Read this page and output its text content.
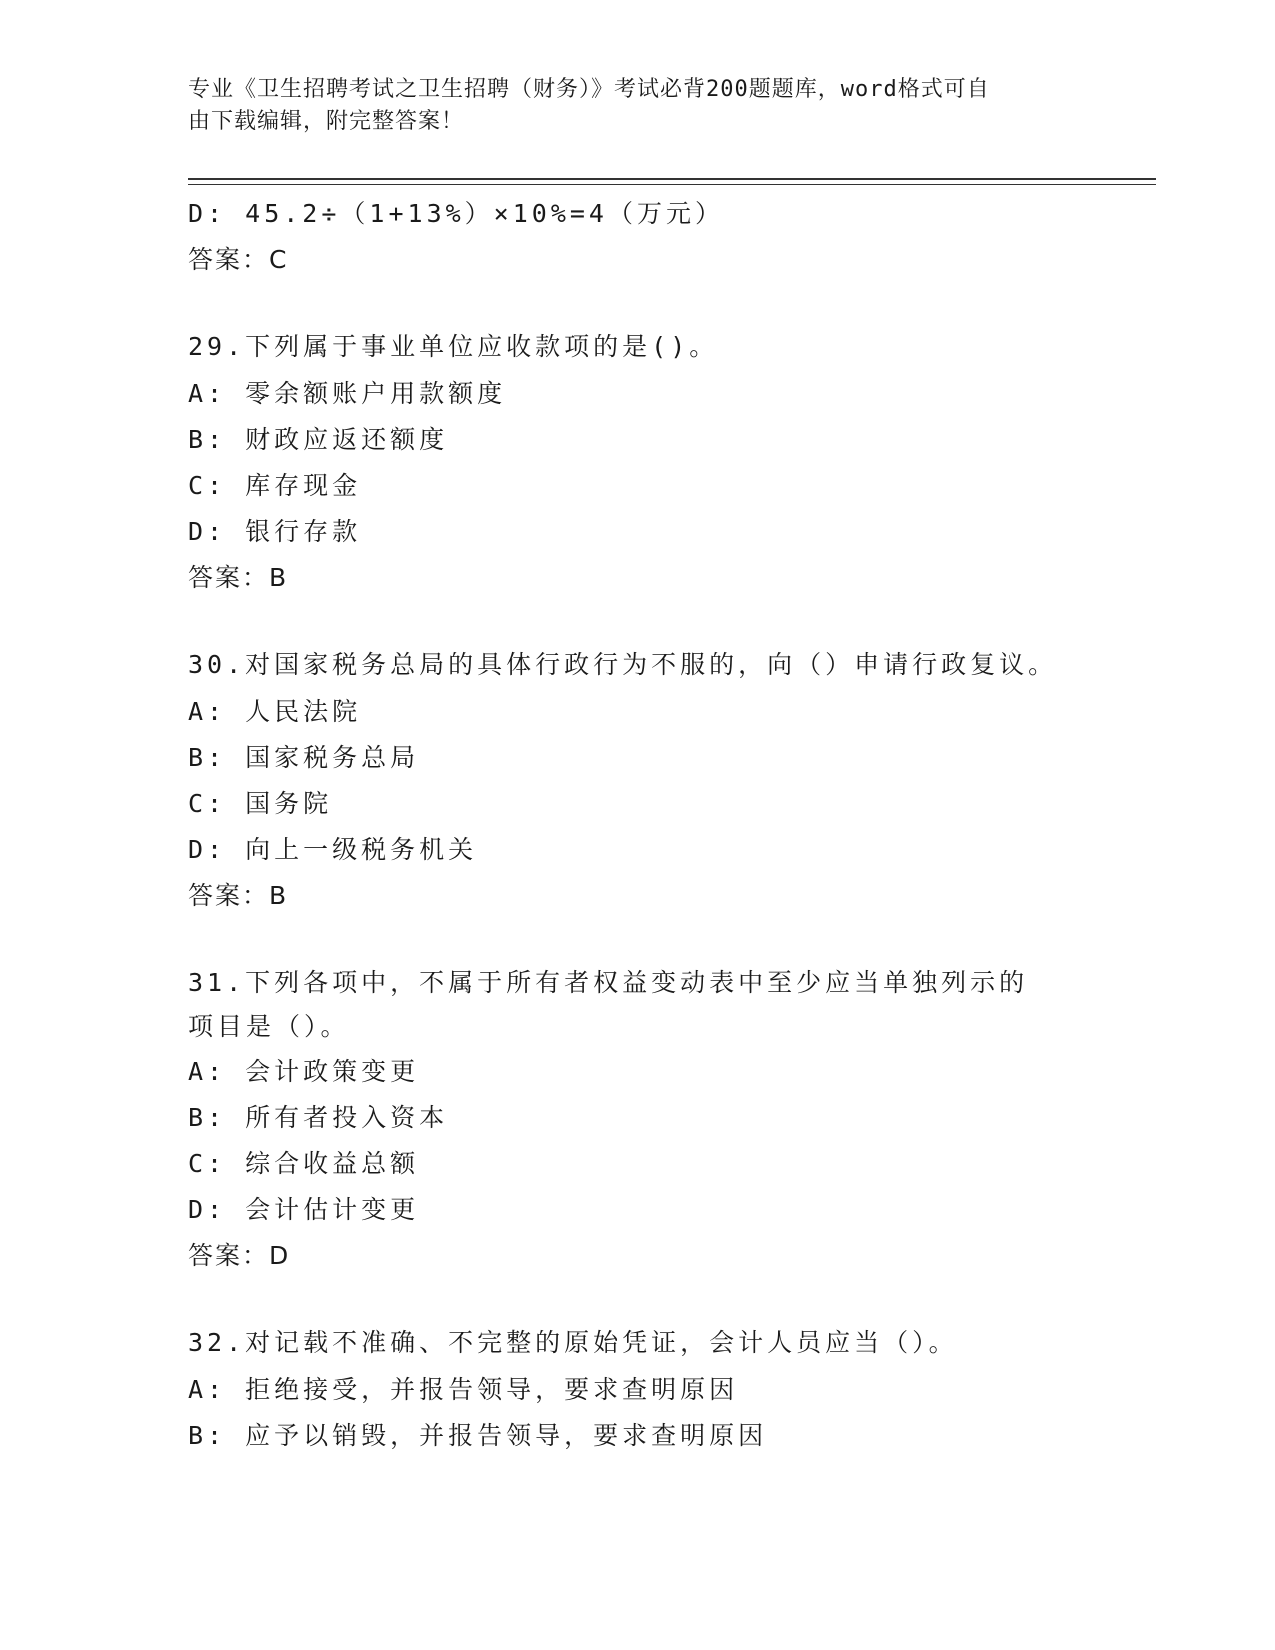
专业《卫生招聘考试之卫生招聘（财务）》考试必背200题题库，word格式可自
由下载编辑，附完整答案！
D: 45.2÷（1+13%）×10%=4（万元）
答案：C
29.下列属于事业单位应收款项的是()。
A: 零余额账户用款额度
B: 财政应返还额度
C: 库存现金
D: 银行存款
答案：B
30.对国家税务总局的具体行政行为不服的，向（）申请行政复议。
A: 人民法院
B: 国家税务总局
C: 国务院
D: 向上一级税务机关
答案：B
31.下列各项中，不属于所有者权益变动表中至少应当单独列示的项目是（）。
A: 会计政策变更
B: 所有者投入资本
C: 综合收益总额
D: 会计估计变更
答案：D
32.对记载不准确、不完整的原始凭证，会计人员应当（）。
A: 拒绝接受，并报告领导，要求查明原因
B: 应予以销毁，并报告领导，要求查明原因
